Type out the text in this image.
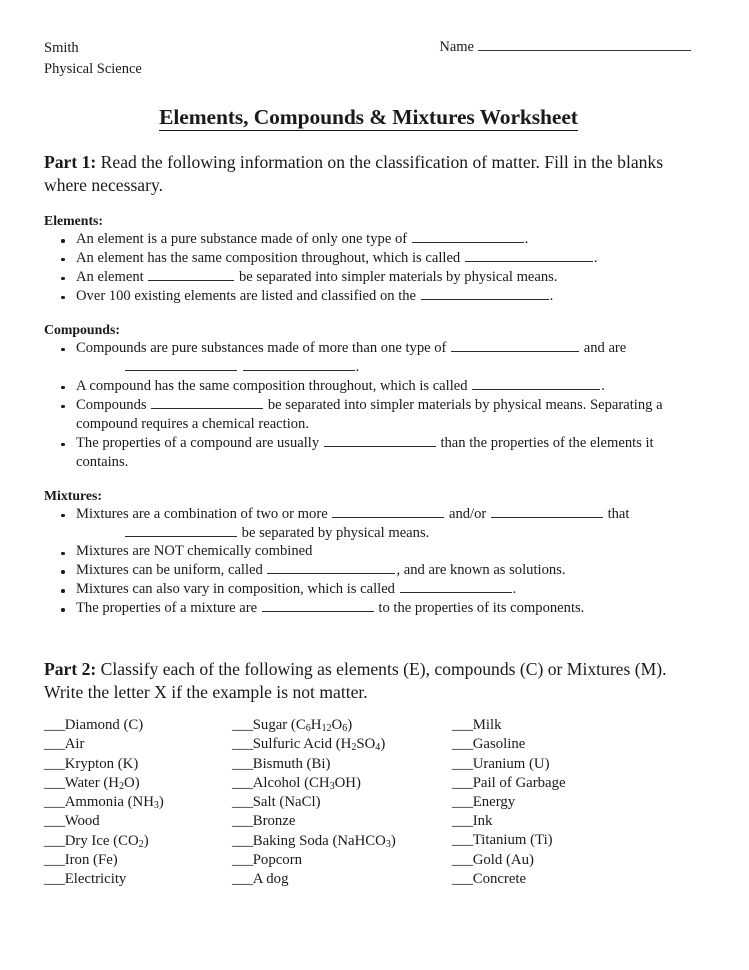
Smith
Physical Science
Name
Elements, Compounds & Mixtures Worksheet
Part 1: Read the following information on the classification of matter. Fill in the blanks where necessary.
Elements:
An element is a pure substance made of only one type of	.
An element has the same composition throughout, which is called	.
An element	be separated into simpler materials by physical means.
Over 100 existing elements are listed and classified on the	.
Compounds:
Compounds are pure substances made of more than one type of	and are
.
A compound has the same composition throughout, which is called	.
Compounds	be separated into simpler materials by physical means. Separating a compound requires a chemical reaction.
The properties of a compound are usually	than the properties of the elements it contains.
Mixtures:
Mixtures are a combination of two or more	and/or	that
be separated by physical means.
Mixtures are NOT chemically combined
Mixtures can be uniform, called	, and are known as solutions.
Mixtures can also vary in composition, which is called	.
The properties of a mixture are	to the properties of its components.
Part 2: Classify each of the following as elements (E), compounds (C) or Mixtures (M). Write the letter X if the example is not matter.
___Diamond (C)
___Air
___Krypton (K)
___Water $(H_2O)$
___Ammonia $(NH_3)$
___Wood
___Dry Ice $(CO_2)$
___Iron (Fe)
___Electricity
___Sugar $(C_6H_{12}O_6)$
___Sulfuric Acid $(H_2SO_4)$
___Bismuth (Bi)
___Alcohol $(CH_3OH)$
___Salt (NaCl)
___Bronze
___Baking Soda (NaHCO$_3$)
___Popcorn
___A dog
___Milk
___Gasoline
___Uranium (U)
___Pail of Garbage
___Energy
___Ink
___Titanium (Ti)
___Gold (Au)
___Concrete
